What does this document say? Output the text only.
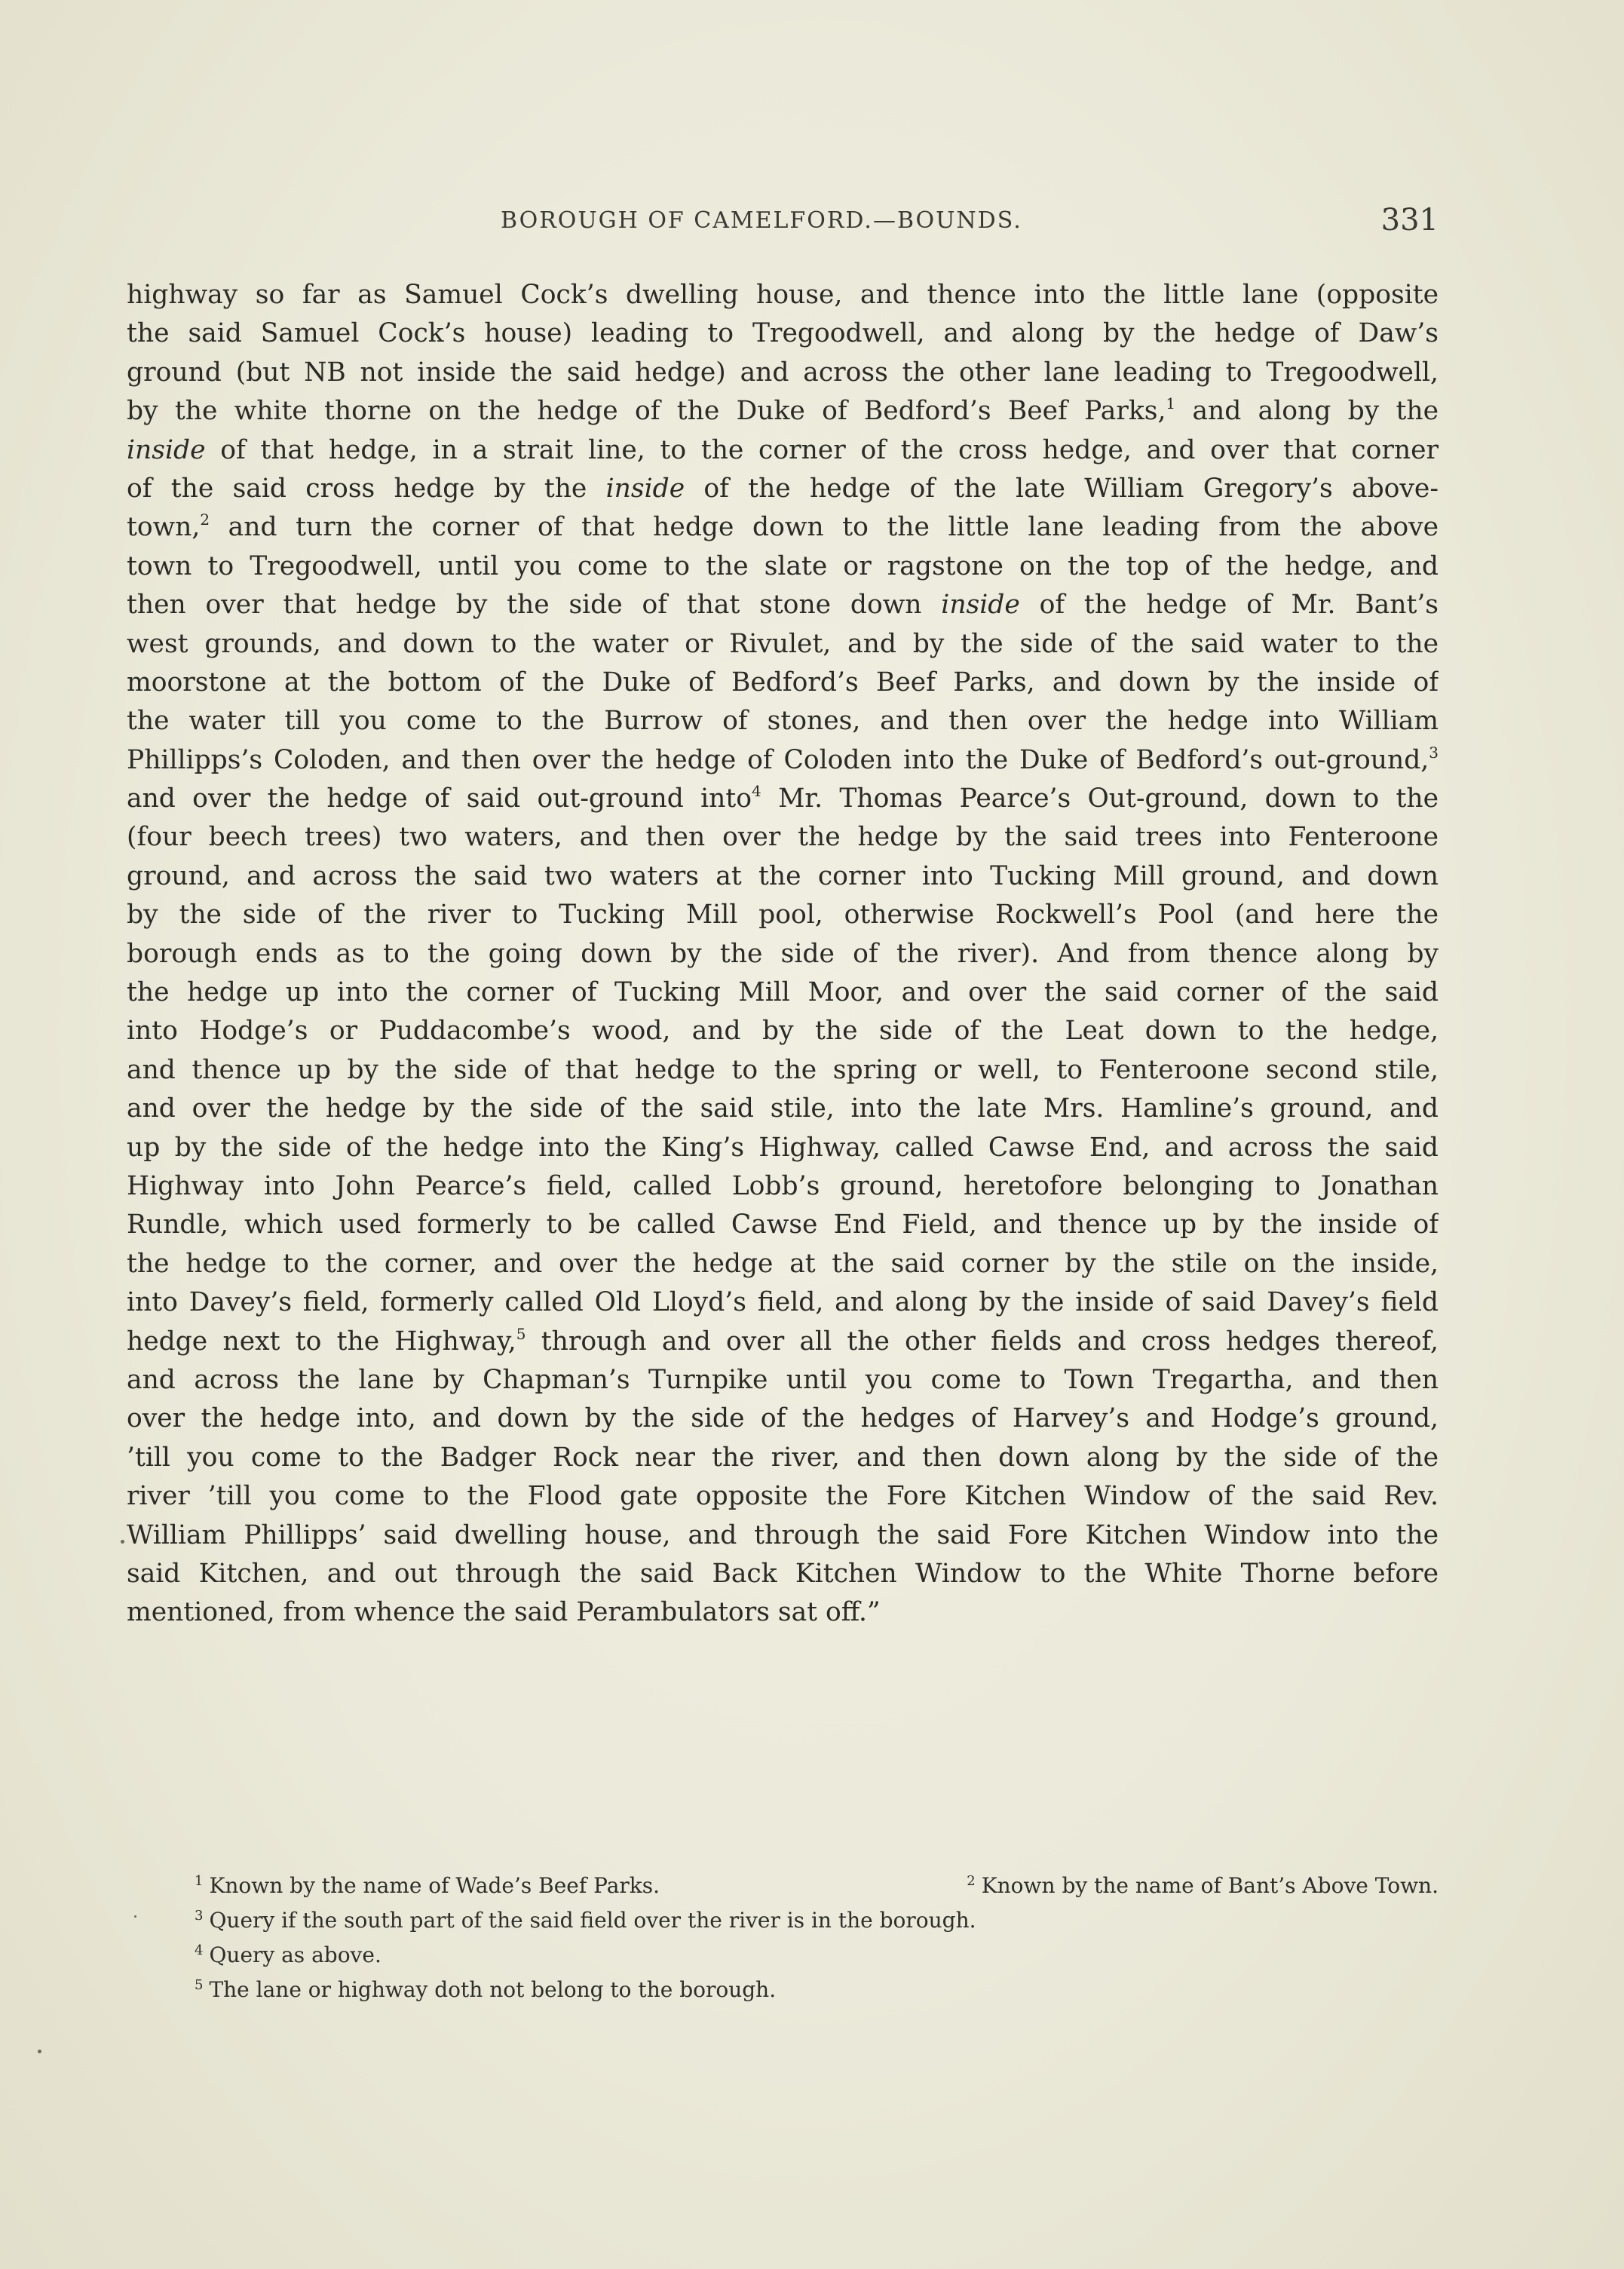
BOROUGH OF CAMELFORD.—BOUNDS.	331
highway so far as Samuel Cock’s dwelling house, and thence into the little lane (opposite
the said Samuel Cock’s house) leading to Tregoodwell, and along by the hedge of Daw’s
ground (but NB not inside the said hedge) and across the other lane leading to Tregoodwell,
by the white thorne on the hedge of the Duke of Bedford’s Beef Parks,$^1$ and along by the
inside of that hedge, in a strait line, to the corner of the cross hedge, and over that corner
of the said cross hedge by the inside of the hedge of the late William Gregory’s above-
town,$^2$ and turn the corner of that hedge down to the little lane leading from the above
town to Tregoodwell, until you come to the slate or ragstone on the top of the hedge, and
then over that hedge by the side of that stone down inside of the hedge of Mr. Bant’s
west grounds, and down to the water or Rivulet, and by the side of the said water to the
moorstone at the bottom of the Duke of Bedford’s Beef Parks, and down by the inside of
the water till you come to the Burrow of stones, and then over the hedge into William
Phillipps’s Coloden, and then over the hedge of Coloden into the Duke of Bedford’s out-ground,$^3$
and over the hedge of said out-ground into$^4$ Mr. Thomas Pearce’s Out-ground, down to the
(four beech trees) two waters, and then over the hedge by the said trees into Fenteroone
ground, and across the said two waters at the corner into Tucking Mill ground, and down
by the side of the river to Tucking Mill pool, otherwise Rockwell’s Pool (and here the
borough ends as to the going down by the side of the river). And from thence along by
the hedge up into the corner of Tucking Mill Moor, and over the said corner of the said
into Hodge’s or Puddacombe’s wood, and by the side of the Leat down to the hedge,
and thence up by the side of that hedge to the spring or well, to Fenteroone second stile,
and over the hedge by the side of the said stile, into the late Mrs. Hamline’s ground, and
up by the side of the hedge into the King’s Highway, called Cawse End, and across the said
Highway into John Pearce’s field, called Lobb’s ground, heretofore belonging to Jonathan
Rundle, which used formerly to be called Cawse End Field, and thence up by the inside of
the hedge to the corner, and over the hedge at the said corner by the stile on the inside,
into Davey’s field, formerly called Old Lloyd’s field, and along by the inside of said Davey’s field
hedge next to the Highway,$^5$ through and over all the other fields and cross hedges thereof,
and across the lane by Chapman’s Turnpike until you come to Town Tregartha, and then
over the hedge into, and down by the side of the hedges of Harvey’s and Hodge’s ground,
’till you come to the Badger Rock near the river, and then down along by the side of the
river ’till you come to the Flood gate opposite the Fore Kitchen Window of the said Rev.
William Phillipps’ said dwelling house, and through the said Fore Kitchen Window into the
said Kitchen, and out through the said Back Kitchen Window to the White Thorne before
mentioned, from whence the said Perambulators sat off.”
$^1$ Known by the name of Wade’s Beef Parks.	$^2$ Known by the name of Bant’s Above Town.
$^3$ Query if the south part of the said field over the river is in the borough.
$^4$ Query as above.
$^5$ The lane or highway doth not belong to the borough.
